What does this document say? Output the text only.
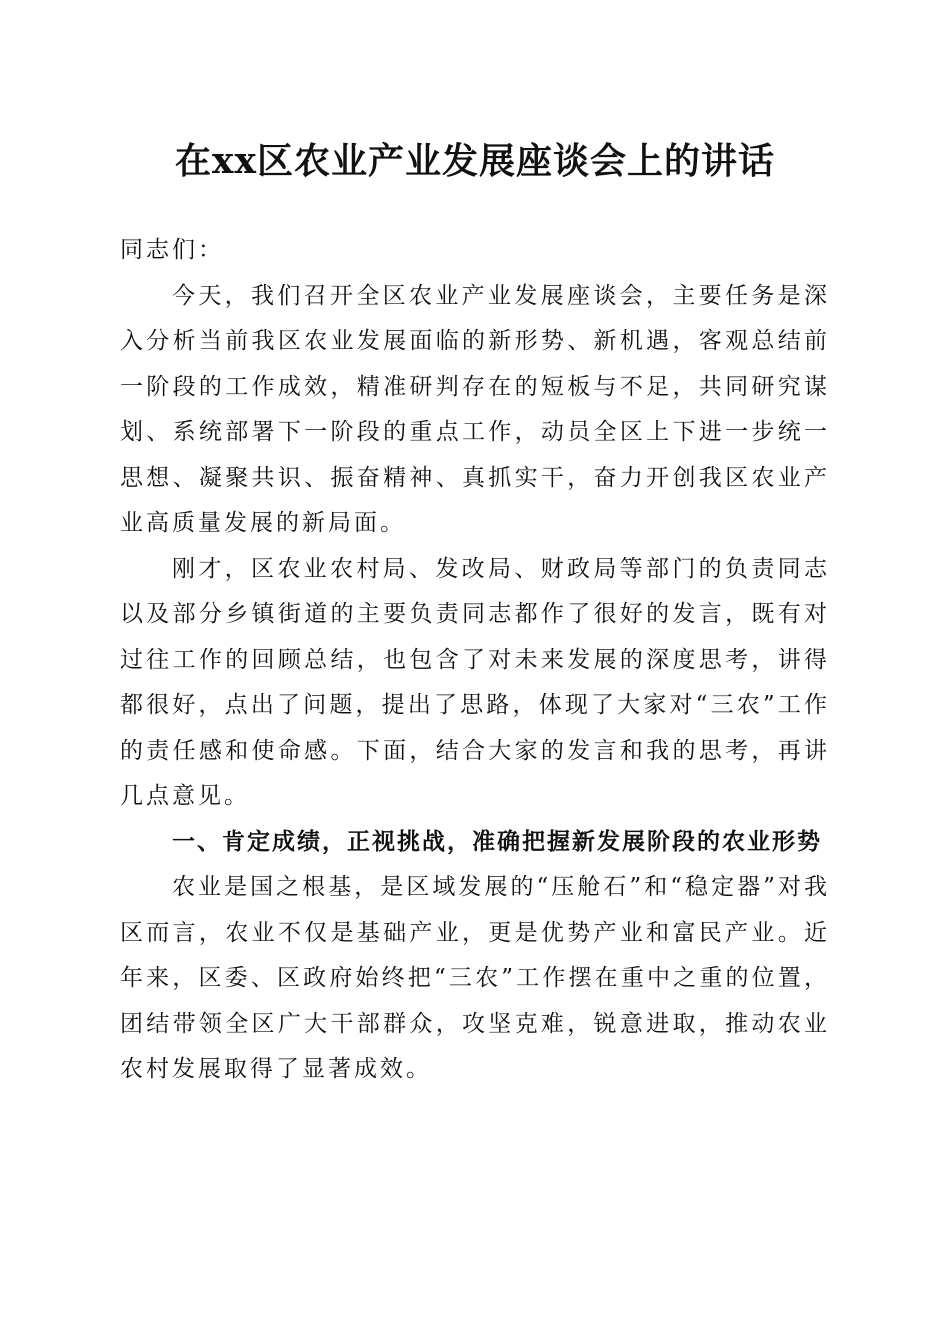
在xx区农业产业发展座谈会上的讲话

同志们：

今天，我们召开全区农业产业发展座谈会，主要任务是深入分析当前我区农业发展面临的新形势、新机遇，客观总结前一阶段的工作成效，精准研判存在的短板与不足，共同研究谋划、系统部署下一阶段的重点工作，动员全区上下进一步统一思想、凝聚共识、振奋精神、真抓实干，奋力开创我区农业产业高质量发展的新局面。

刚才，区农业农村局、发改局、财政局等部门的负责同志以及部分乡镇街道的主要负责同志都作了很好的发言，既有对过往工作的回顾总结，也包含了对未来发展的深度思考，讲得都很好，点出了问题，提出了思路，体现了大家对“三农”工作的责任感和使命感。下面，结合大家的发言和我的思考，再讲几点意见。

一、肯定成绩，正视挑战，准确把握新发展阶段的农业形势

农业是国之根基，是区域发展的“压舱石”和“稳定器”对我区而言，农业不仅是基础产业，更是优势产业和富民产业。近年来，区委、区政府始终把“三农”工作摆在重中之重的位置，团结带领全区广大干部群众，攻坚克难，锐意进取，推动农业农村发展取得了显著成效。
